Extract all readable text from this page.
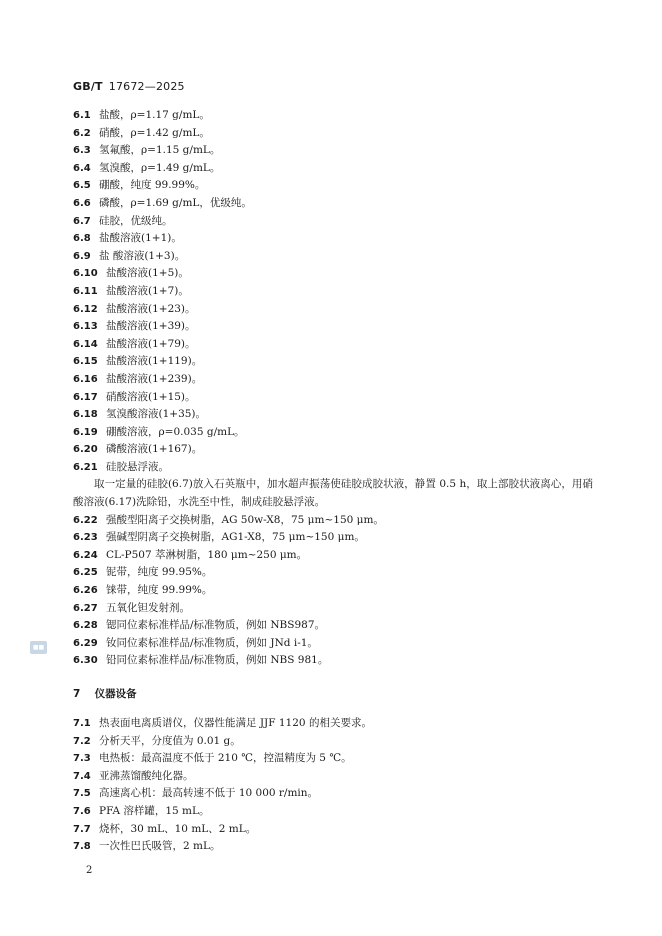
GB/T 17672—2025
■■
6.1 盐酸，ρ=1.17 g/mL。
6.2 硝酸，ρ=1.42 g/mL。
6.3 氢氟酸，ρ=1.15 g/mL。
6.4 氢溴酸，ρ=1.49 g/mL。
6.5 硼酸，纯度 99.99%。
6.6 磷酸，ρ=1.69 g/mL，优级纯。
6.7 硅胶，优级纯。
6.8 盐酸溶液(1+1)。
6.9 盐 酸溶液(1+3)。
6.10 盐酸溶液(1+5)。
6.11 盐酸溶液(1+7)。
6.12 盐酸溶液(1+23)。
6.13 盐酸溶液(1+39)。
6.14 盐酸溶液(1+79)。
6.15 盐酸溶液(1+119)。
6.16 盐酸溶液(1+239)。
6.17 硝酸溶液(1+15)。
6.18 氢溴酸溶液(1+35)。
6.19 硼酸溶液，ρ=0.035 g/mL。
6.20 磷酸溶液(1+167)。
6.21 硅胶悬浮液。
取一定量的硅胶(6.7)放入石英瓶中，加水超声振荡使硅胶成胶状液，静置 0.5 h，取上部胶状液离心，用硝酸溶液(6.17)洗除铅，水洗至中性，制成硅胶悬浮液。
6.22 强酸型阳离子交换树脂，AG 50w-X8，75 μm~150 μm。
6.23 强碱型阴离子交换树脂，AG1-X8，75 μm~150 μm。
6.24 CL-P507 萃淋树脂，180 μm~250 μm。
6.25 铌带，纯度 99.95%。
6.26 铼带，纯度 99.99%。
6.27 五氧化钽发射剂。
6.28 锶同位素标准样品/标准物质，例如 NBS987。
6.29 钕同位素标准样品/标准物质，例如 JNd i-1。
6.30 铅同位素标准样品/标准物质，例如 NBS 981。
7 仪器设备
7.1 热表面电离质谱仪，仪器性能满足 JJF 1120 的相关要求。
7.2 分析天平，分度值为 0.01 g。
7.3 电热板：最高温度不低于 210 ℃，控温精度为 5 ℃。
7.4 亚沸蒸馏酸纯化器。
7.5 高速离心机：最高转速不低于 10 000 r/min。
7.6 PFA 溶样罐，15 mL。
7.7 烧杯，30 mL、10 mL、2 mL。
7.8 一次性巴氏吸管，2 mL。
2
